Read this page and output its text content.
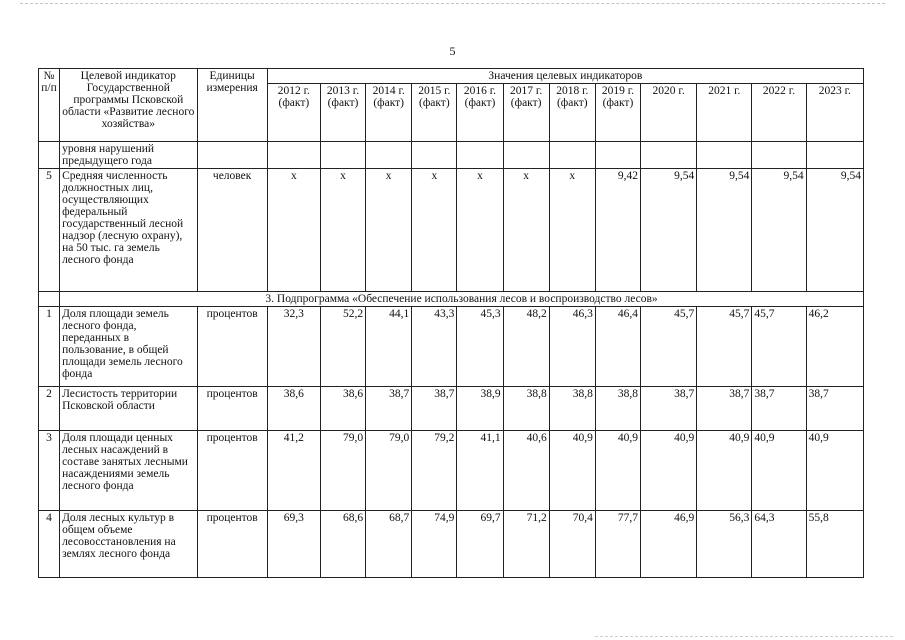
5
№ п/п	Целевой индикатор Государственной программы Псковской области «Развитие лесного хозяйства»	Единицы измерения	Значения целевых индикаторов											
			2012 г. (факт)	2013 г. (факт)	2014 г. (факт)	2015 г. (факт)	2016 г. (факт)	2017 г. (факт)	2018 г. (факт)	2019 г. (факт)	2020 г.	2021 г.	2022 г.	2023 г.
	уровня нарушений предыдущего года													
5	Средняя численность должностных лиц, осуществляющих федеральный государственный лесной надзор (лесную охрану), на 50 тыс. га земель лесного фонда	человек	х	х	х	х	х	х	х	9,42	9,54	9,54	9,54	9,54
	3. Подпрограмма «Обеспечение использования лесов и воспроизводство лесов»													
1	Доля площади земель лесного фонда, переданных в пользование, в общей площади земель лесного фонда	процентов	32,3	52,2	44,1	43,3	45,3	48,2	46,3	46,4	45,7	45,7	45,7	46,2
2	Лесистость территории Псковской области	процентов	38,6	38,6	38,7	38,7	38,9	38,8	38,8	38,8	38,7	38,7	38,7	38,7
3	Доля площади ценных лесных насаждений в составе занятых лесными насаждениями земель лесного фонда	процентов	41,2	79,0	79,0	79,2	41,1	40,6	40,9	40,9	40,9	40,9	40,9	40,9
4	Доля лесных культур в общем объеме лесовосстановления на землях лесного фонда	процентов	69,3	68,6	68,7	74,9	69,7	71,2	70,4	77,7	46,9	56,3	64,3	55,8
